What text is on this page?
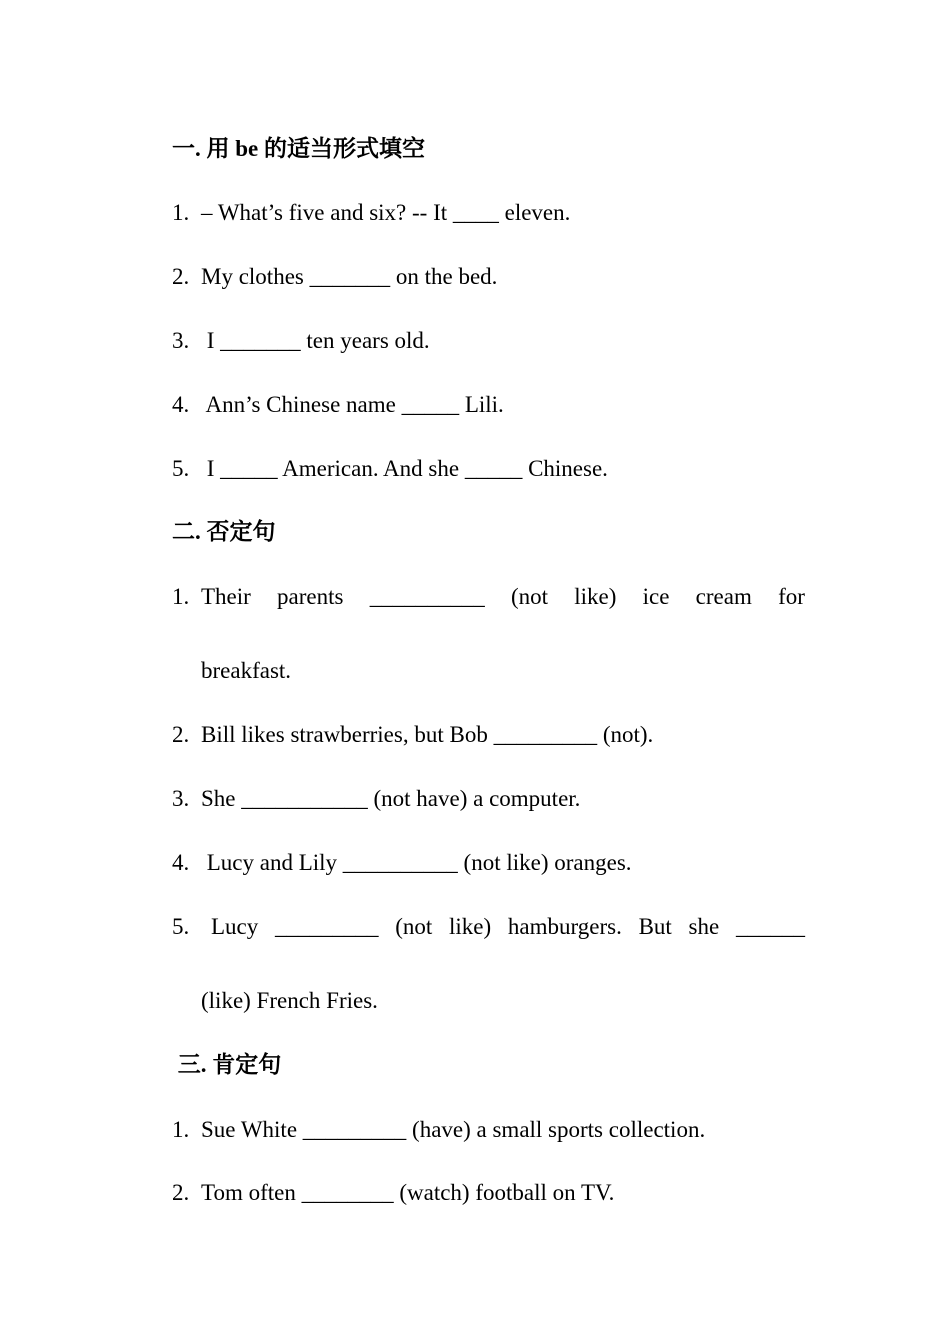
一. 用 be 的适当形式填空
1. – What’s five and six? -- It ____ eleven.
2. My clothes _______ on the bed.
3. I _______ ten years old.
4. Ann’s Chinese name _____ Lili.
5. I _____ American. And she _____ Chinese.
二. 否定句
1. Their parents __________ (not like) ice cream for
breakfast.
2. Bill likes strawberries, but Bob _________ (not).
3. She ___________ (not have) a computer.
4. Lucy and Lily __________ (not like) oranges.
5. Lucy _________ (not like) hamburgers. But she ______
(like) French Fries.
三. 肯定句
1. Sue White _________ (have) a small sports collection.
2. Tom often ________ (watch) football on TV.
